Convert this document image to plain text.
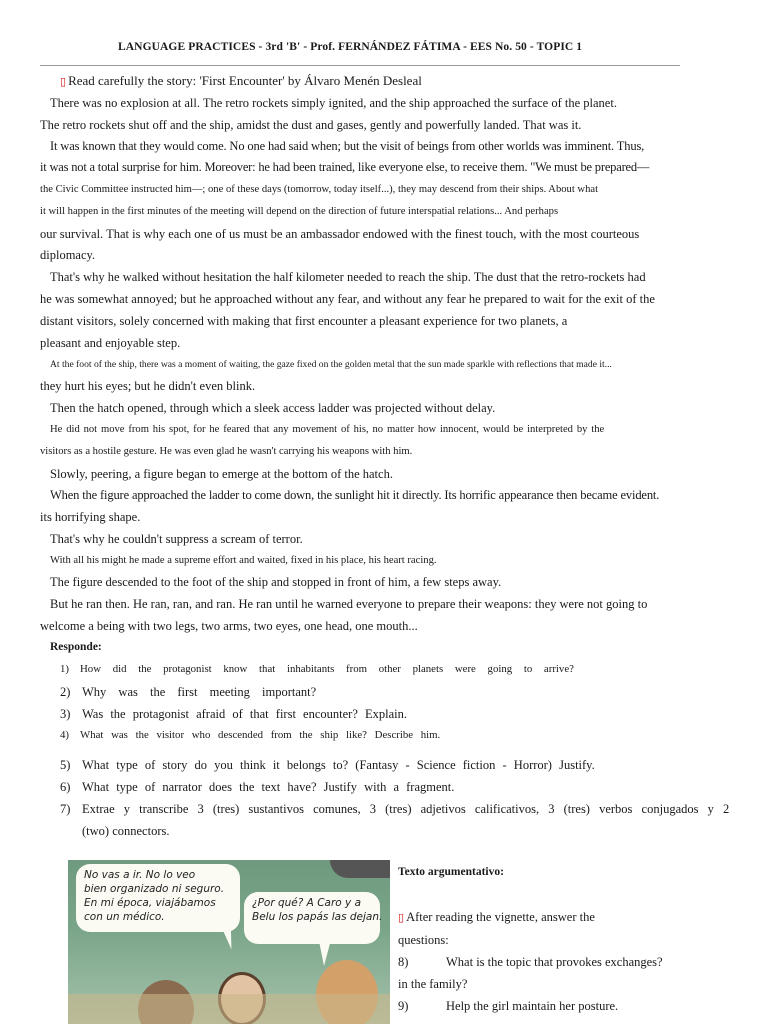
LANGUAGE PRACTICES - 3rd 'B' - Prof. FERNÁNDEZ FÁTIMA - EES No. 50 - TOPIC 1
▯ Read carefully the story: 'First Encounter' by Álvaro Menén Desleal
There was no explosion at all. The retro rockets simply ignited, and the ship approached the surface of the planet.
The retro rockets shut off and the ship, amidst the dust and gases, gently and powerfully landed. That was it.
It was known that they would come. No one had said when; but the visit of beings from other worlds was imminent. Thus,
it was not a total surprise for him. Moreover: he had been trained, like everyone else, to receive them. "We must be prepared—
the Civic Committee instructed him—; one of these days (tomorrow, today itself...), they may descend from their ships. About what
it will happen in the first minutes of the meeting will depend on the direction of future interspatial relations... And perhaps
our survival. That is why each one of us must be an ambassador endowed with the finest touch, with the most courteous
diplomacy.
That's why he walked without hesitation the half kilometer needed to reach the ship. The dust that the retro-rockets had
he was somewhat annoyed; but he approached without any fear, and without any fear he prepared to wait for the exit of the
distant visitors, solely concerned with making that first encounter a pleasant experience for two planets, a
pleasant and enjoyable step.
At the foot of the ship, there was a moment of waiting, the gaze fixed on the golden metal that the sun made sparkle with reflections that made it...
they hurt his eyes; but he didn't even blink.
Then the hatch opened, through which a sleek access ladder was projected without delay.
He did not move from his spot, for he feared that any movement of his, no matter how innocent, would be interpreted by the
visitors as a hostile gesture. He was even glad he wasn't carrying his weapons with him.
Slowly, peering, a figure began to emerge at the bottom of the hatch.
When the figure approached the ladder to come down, the sunlight hit it directly. Its horrific appearance then became evident.
its horrifying shape.
That's why he couldn't suppress a scream of terror.
With all his might he made a supreme effort and waited, fixed in his place, his heart racing.
The figure descended to the foot of the ship and stopped in front of him, a few steps away.
But he ran then. He ran, ran, and ran. He ran until he warned everyone to prepare their weapons: they were not going to
welcome a being with two legs, two arms, two eyes, one head, one mouth...
Responde:
1) How did the protagonist know that inhabitants from other planets were going to arrive?
2) Why was the first meeting important?
3) Was the protagonist afraid of that first encounter? Explain.
4) What was the visitor who descended from the ship like? Describe him.
5) What type of story do you think it belongs to? (Fantasy - Science fiction - Horror) Justify.
6) What type of narrator does the text have? Justify with a fragment.
7) Extrae y transcribe 3 (tres) sustantivos comunes, 3 (tres) adjetivos calificativos, 3 (tres) verbos conjugados y 2
(two) connectors.
No vas a ir. No lo veo
bien organizado ni seguro.
En mi época, viajábamos
con un médico.
¿Por qué? A Caro y a
Belu los papás las dejan.
Texto argumentativo:
▯ After reading the vignette, answer the
questions:
8)	What is the topic that provokes exchanges?
in the family?
9)	Help the girl maintain her posture.
